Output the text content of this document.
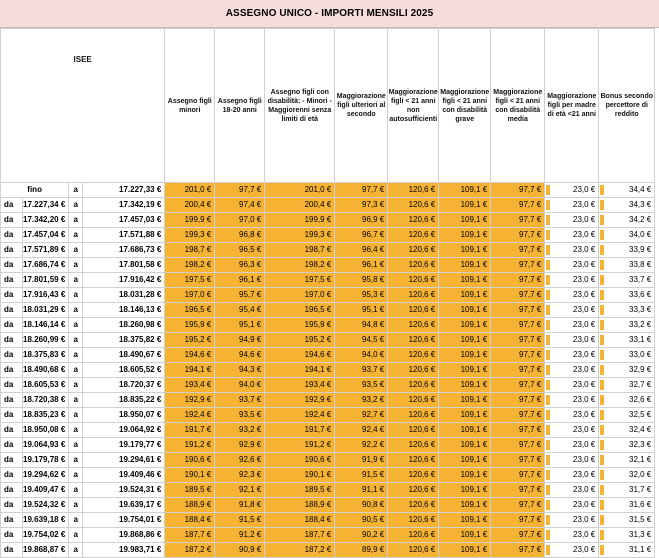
ASSEGNO UNICO - IMPORTI MENSILI 2025
ISEE				Assegno figli minori	Assegno figli 18-20 anni	Assegno figli con disabilità: - Minori - Maggiorenni senza limiti di età	Maggiorazione figli ulteriori al secondo	Maggiorazione figli < 21 anni non autosufficienti	Maggiorazione figli < 21 anni con disabilità grave	Maggiorazione figli < 21 anni con disabilità media	Maggiorazione figli per madre di età <21 anni	Bonus secondo percettore di reddito
fino		a	17.227,33 €	201,0 €	97,7 €	201,0 €	97,7 €	120,6 €	109,1 €	97,7 €	23,0 €	34,4 €
da	17.227,34 €	a	17.342,19 €	200,4 €	97,4 €	200,4 €	97,3 €	120,6 €	109,1 €	97,7 €	23,0 €	34,3 €
da	17.342,20 €	a	17.457,03 €	199,9 €	97,0 €	199,9 €	96,9 €	120,6 €	109,1 €	97,7 €	23,0 €	34,2 €
da	17.457,04 €	a	17.571,88 €	199,3 €	96,8 €	199,3 €	96,7 €	120,6 €	109,1 €	97,7 €	23,0 €	34,0 €
da	17.571,89 €	a	17.686,73 €	198,7 €	96,5 €	198,7 €	96,4 €	120,6 €	109,1 €	97,7 €	23,0 €	33,9 €
da	17.686,74 €	a	17.801,58 €	198,2 €	96,3 €	198,2 €	96,1 €	120,6 €	109,1 €	97,7 €	23,0 €	33,8 €
da	17.801,59 €	a	17.916,42 €	197,5 €	96,1 €	197,5 €	95,8 €	120,6 €	109,1 €	97,7 €	23,0 €	33,7 €
da	17.916,43 €	a	18.031,28 €	197,0 €	95,7 €	197,0 €	95,3 €	120,6 €	109,1 €	97,7 €	23,0 €	33,6 €
da	18.031,29 €	a	18.146,13 €	196,5 €	95,4 €	196,5 €	95,1 €	120,6 €	109,1 €	97,7 €	23,0 €	33,3 €
da	18.146,14 €	a	18.260,98 €	195,9 €	95,1 €	195,9 €	94,8 €	120,6 €	109,1 €	97,7 €	23,0 €	33,2 €
da	18.260,99 €	a	18.375,82 €	195,2 €	94,9 €	195,2 €	94,5 €	120,6 €	109,1 €	97,7 €	23,0 €	33,1 €
da	18.375,83 €	a	18.490,67 €	194,6 €	94,6 €	194,6 €	94,0 €	120,6 €	109,1 €	97,7 €	23,0 €	33,0 €
da	18.490,68 €	a	18.605,52 €	194,1 €	94,3 €	194,1 €	93,7 €	120,6 €	109,1 €	97,7 €	23,0 €	32,9 €
da	18.605,53 €	a	18.720,37 €	193,4 €	94,0 €	193,4 €	93,5 €	120,6 €	109,1 €	97,7 €	23,0 €	32,7 €
da	18.720,38 €	a	18.835,22 €	192,9 €	93,7 €	192,9 €	93,2 €	120,6 €	109,1 €	97,7 €	23,0 €	32,6 €
da	18.835,23 €	a	18.950,07 €	192,4 €	93,5 €	192,4 €	92,7 €	120,6 €	109,1 €	97,7 €	23,0 €	32,5 €
da	18.950,08 €	a	19.064,92 €	191,7 €	93,2 €	191,7 €	92,4 €	120,6 €	109,1 €	97,7 €	23,0 €	32,4 €
da	19.064,93 €	a	19.179,77 €	191,2 €	92,9 €	191,2 €	92,2 €	120,6 €	109,1 €	97,7 €	23,0 €	32,3 €
da	19.179,78 €	a	19.294,61 €	190,6 €	92,6 €	190,6 €	91,9 €	120,6 €	109,1 €	97,7 €	23,0 €	32,1 €
da	19.294,62 €	a	19.409,46 €	190,1 €	92,3 €	190,1 €	91,5 €	120,6 €	109,1 €	97,7 €	23,0 €	32,0 €
da	19.409,47 €	a	19.524,31 €	189,5 €	92,1 €	189,5 €	91,1 €	120,6 €	109,1 €	97,7 €	23,0 €	31,7 €
da	19.524,32 €	a	19.639,17 €	188,9 €	91,8 €	188,9 €	90,8 €	120,6 €	109,1 €	97,7 €	23,0 €	31,6 €
da	19.639,18 €	a	19.754,01 €	188,4 €	91,5 €	188,4 €	90,5 €	120,6 €	109,1 €	97,7 €	23,0 €	31,5 €
da	19.754,02 €	a	19.868,86 €	187,7 €	91,2 €	187,7 €	90,2 €	120,6 €	109,1 €	97,7 €	23,0 €	31,3 €
da	19.868,87 €	a	19.983,71 €	187,2 €	90,9 €	187,2 €	89,9 €	120,6 €	109,1 €	97,7 €	23,0 €	31,1 €
